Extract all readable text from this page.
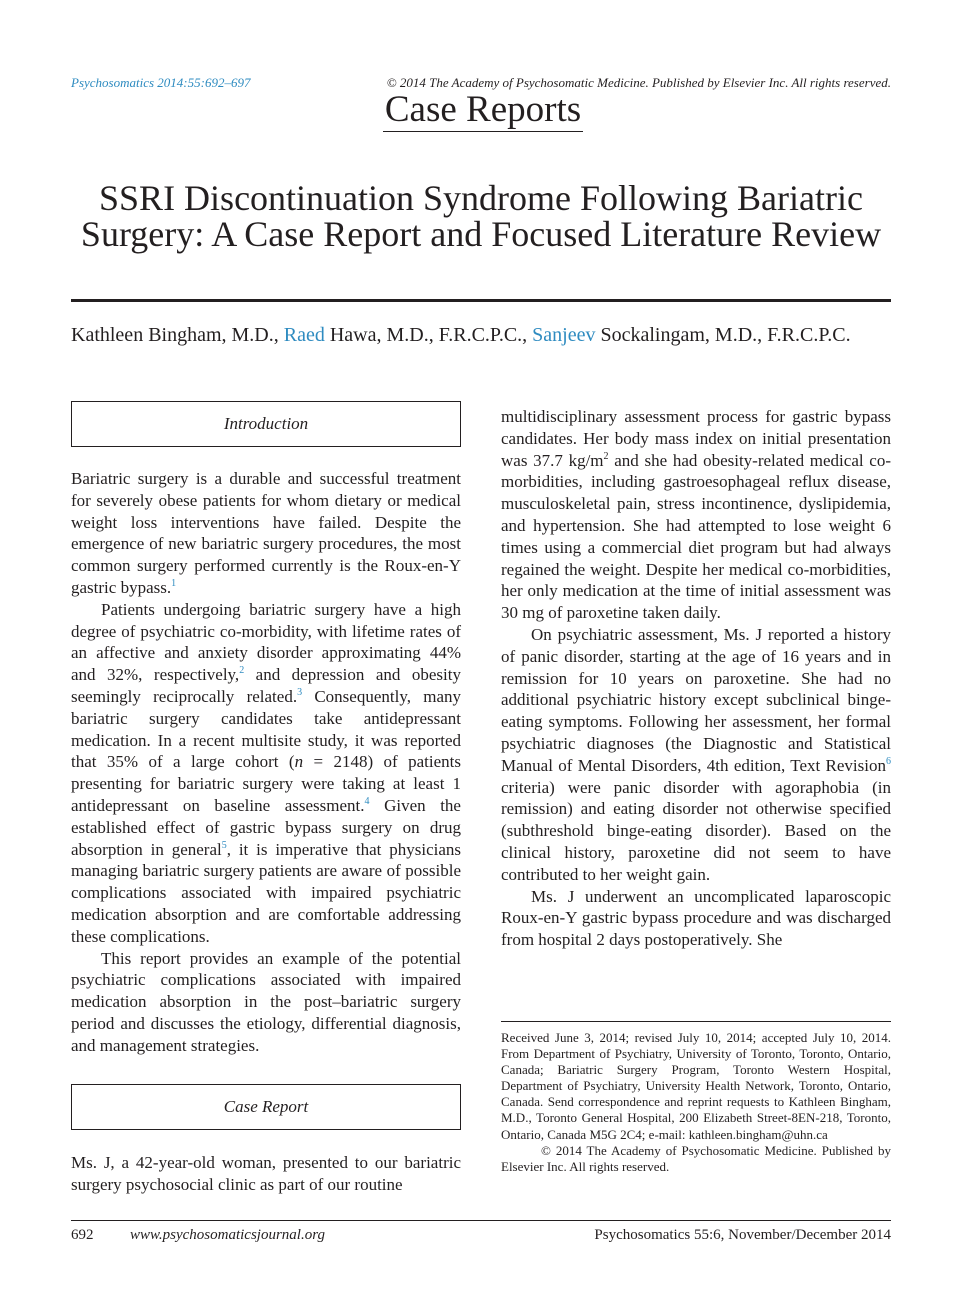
Psychosomatics 2014:55:692–697	© 2014 The Academy of Psychosomatic Medicine. Published by Elsevier Inc. All rights reserved.
Case Reports
SSRI Discontinuation Syndrome Following Bariatric Surgery: A Case Report and Focused Literature Review
Kathleen Bingham, M.D., Raed Hawa, M.D., F.R.C.P.C., Sanjeev Sockalingam, M.D., F.R.C.P.C.
Introduction

Bariatric surgery is a durable and successful treatment for severely obese patients for whom dietary or medical weight loss interventions have failed. Despite the emergence of new bariatric surgery procedures, the most common surgery performed currently is the Roux-en-Y gastric bypass.$^1$

Patients undergoing bariatric surgery have a high degree of psychiatric co-morbidity, with lifetime rates of an affective and anxiety disorder approximating 44% and 32%, respectively,$^2$ and depression and obesity seemingly reciprocally related.$^3$ Consequently, many bariatric surgery candidates take antidepressant medication. In a recent multisite study, it was reported that 35% of a large cohort (n = 2148) of patients presenting for bariatric surgery were taking at least 1 antidepressant on baseline assessment.$^4$ Given the established effect of gastric bypass surgery on drug absorption in general$^5$, it is imperative that physicians managing bariatric surgery patients are aware of possible complications associated with impaired psychiatric medication absorption and are comfortable addressing these complications.

This report provides an example of the potential psychiatric complications associated with impaired medication absorption in the post–bariatric surgery period and discusses the etiology, differential diagnosis, and management strategies.

Case Report

Ms. J, a 42-year-old woman, presented to our bariatric surgery psychosocial clinic as part of our routine

multidisciplinary assessment process for gastric bypass candidates. Her body mass index on initial presentation was 37.7 $kg/m^2$ and she had obesity-related medical co-morbidities, including gastroesophageal reflux disease, musculoskeletal pain, stress incontinence, dyslipidemia, and hypertension. She had attempted to lose weight 6 times using a commercial diet program but had always regained the weight. Despite her medical co-morbidities, her only medication at the time of initial assessment was 30 mg of paroxetine taken daily.

On psychiatric assessment, Ms. J reported a history of panic disorder, starting at the age of 16 years and in remission for 10 years on paroxetine. She had no additional psychiatric history except subclinical binge-eating symptoms. Following her assessment, her formal psychiatric diagnoses (the Diagnostic and Statistical Manual of Mental Disorders, 4th edition, Text Revision$^6$ criteria) were panic disorder with agoraphobia (in remission) and eating disorder not otherwise specified (subthreshold binge-eating disorder). Based on the clinical history, paroxetine did not seem to have contributed to her weight gain.

Ms. J underwent an uncomplicated laparoscopic Roux-en-Y gastric bypass procedure and was discharged from hospital 2 days postoperatively. She

Received June 3, 2014; revised July 10, 2014; accepted July 10, 2014. From Department of Psychiatry, University of Toronto, Toronto, Ontario, Canada; Bariatric Surgery Program, Toronto Western Hospital, Department of Psychiatry, University Health Network, Toronto, Ontario, Canada. Send correspondence and reprint requests to Kathleen Bingham, M.D., Toronto General Hospital, 200 Elizabeth Street-8EN-218, Toronto, Ontario, Canada M5G 2C4; e-mail: kathleen.bingham@uhn.ca

© 2014 The Academy of Psychosomatic Medicine. Published by Elsevier Inc. All rights reserved.

692 www.psychosomaticsjournal.org	Psychosomatics 55:6, November/December 2014
